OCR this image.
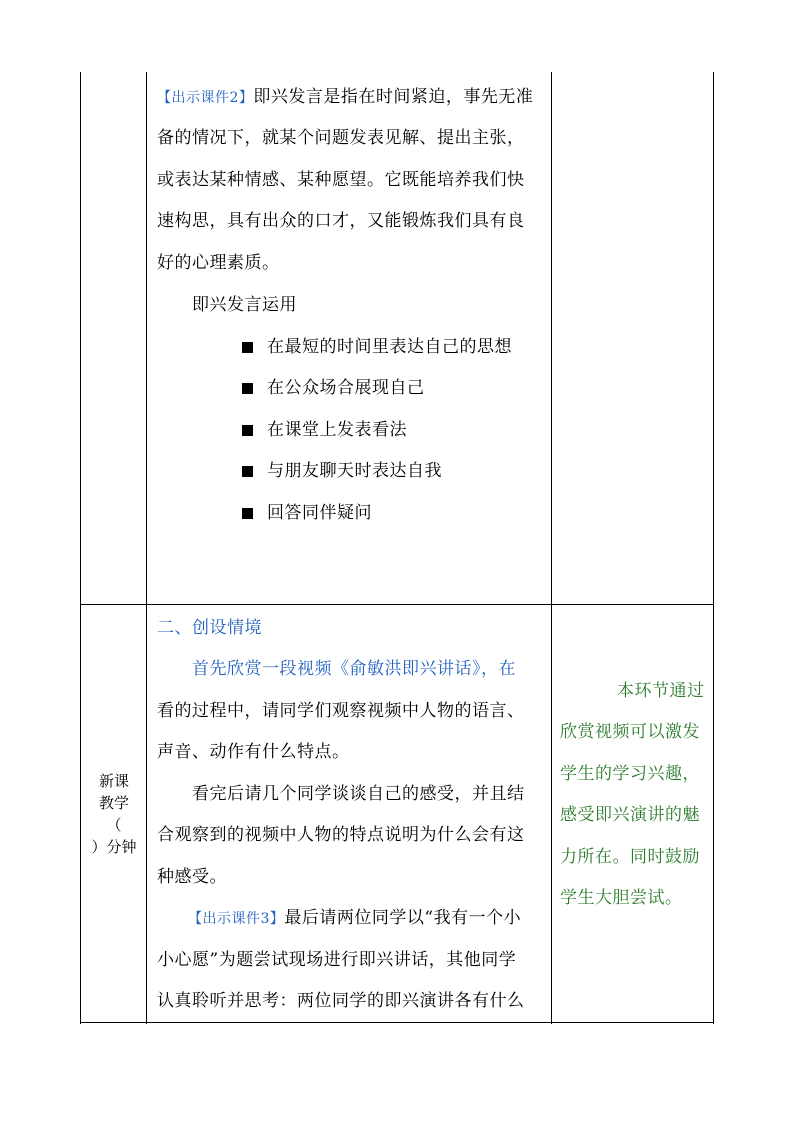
【出示课件2】即兴发言是指在时间紧迫，事先无准
备的情况下，就某个问题发表见解、提出主张，
或表达某种情感、某种愿望。它既能培养我们快
速构思，具有出众的口才，又能锻炼我们具有良
好的心理素质。
即兴发言运用
在最短的时间里表达自己的思想
在公众场合展现自己
在课堂上发表看法
与朋友聊天时表达自我
回答同伴疑问
新课
教学
（
）分钟
二、创设情境
首先欣赏一段视频《俞敏洪即兴讲话》，在
看的过程中，请同学们观察视频中人物的语言、
声音、动作有什么特点。
看完后请几个同学谈谈自己的感受，并且结
合观察到的视频中人物的特点说明为什么会有这
种感受。
【出示课件3】最后请两位同学以“我有一个小
小心愿”为题尝试现场进行即兴讲话，其他同学
认真聆听并思考：两位同学的即兴演讲各有什么
本环节通过
欣赏视频可以激发
学生的学习兴趣，
感受即兴演讲的魅
力所在。同时鼓励
学生大胆尝试。
